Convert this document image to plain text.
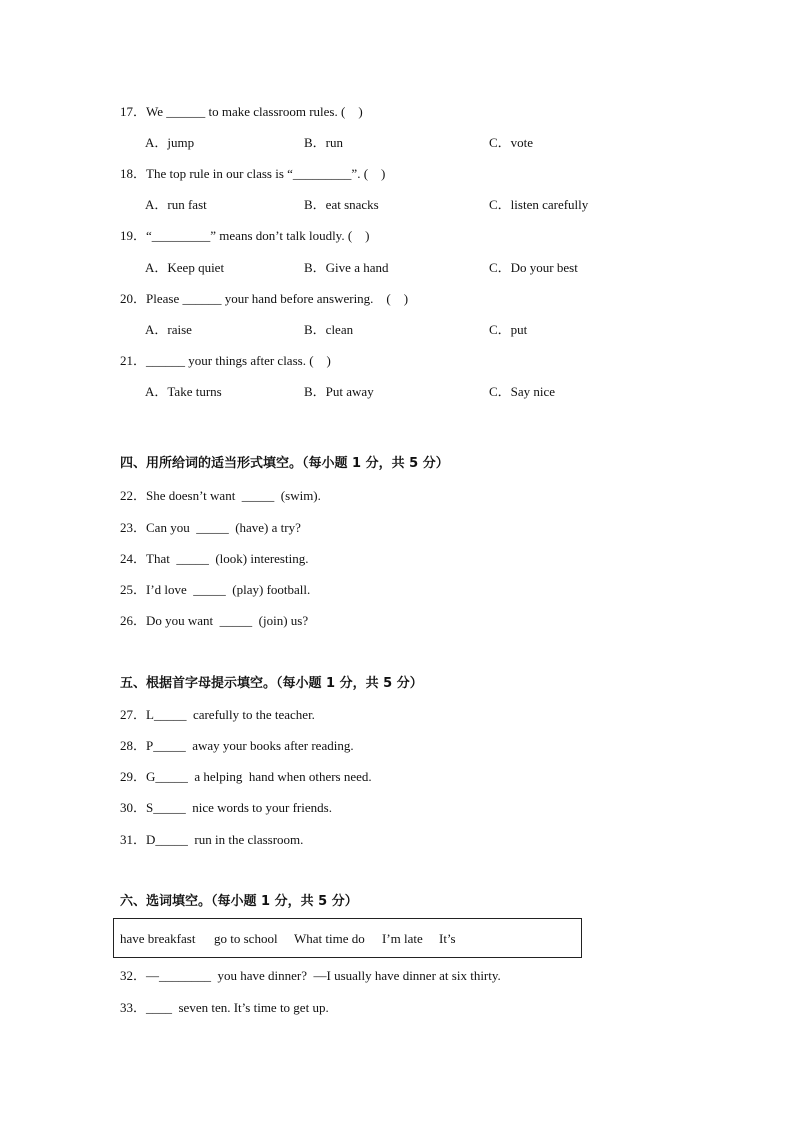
17．We ______ to make classroom rules. (    )
A．jump	B．run	C．vote
18．The top rule in our class is “_________”. (    )
A．run fast	B．eat snacks	C．listen carefully
19．“_________” means don’t talk loudly. (    )
A．Keep quiet	B．Give a hand	C．Do your best
20．Please ______ your hand before answering.    (    )
A．raise	B．clean	C．put
21．______ your things after class. (    )
A．Take turns	B．Put away	C．Say nice
四、用所给词的适当形式填空。（每小题 1 分，共 5 分）
22．She doesn’t want  _____  (swim).
23．Can you  _____  (have) a try?
24．That  _____  (look) interesting.
25．I’d love  _____  (play) football.
26．Do you want  _____  (join) us?
五、根据首字母提示填空。（每小题 1 分，共 5 分）
27．L_____  carefully to the teacher.
28．P_____  away your books after reading.
29．G_____  a helping  hand when others need.
30．S_____  nice words to your friends.
31．D_____  run in the classroom.
六、选词填空。（每小题 1 分，共 5 分）
have breakfast go to school What time do I’m late It’s
32．—________  you have dinner?  —I usually have dinner at six thirty.
33．____  seven ten. It’s time to get up.
